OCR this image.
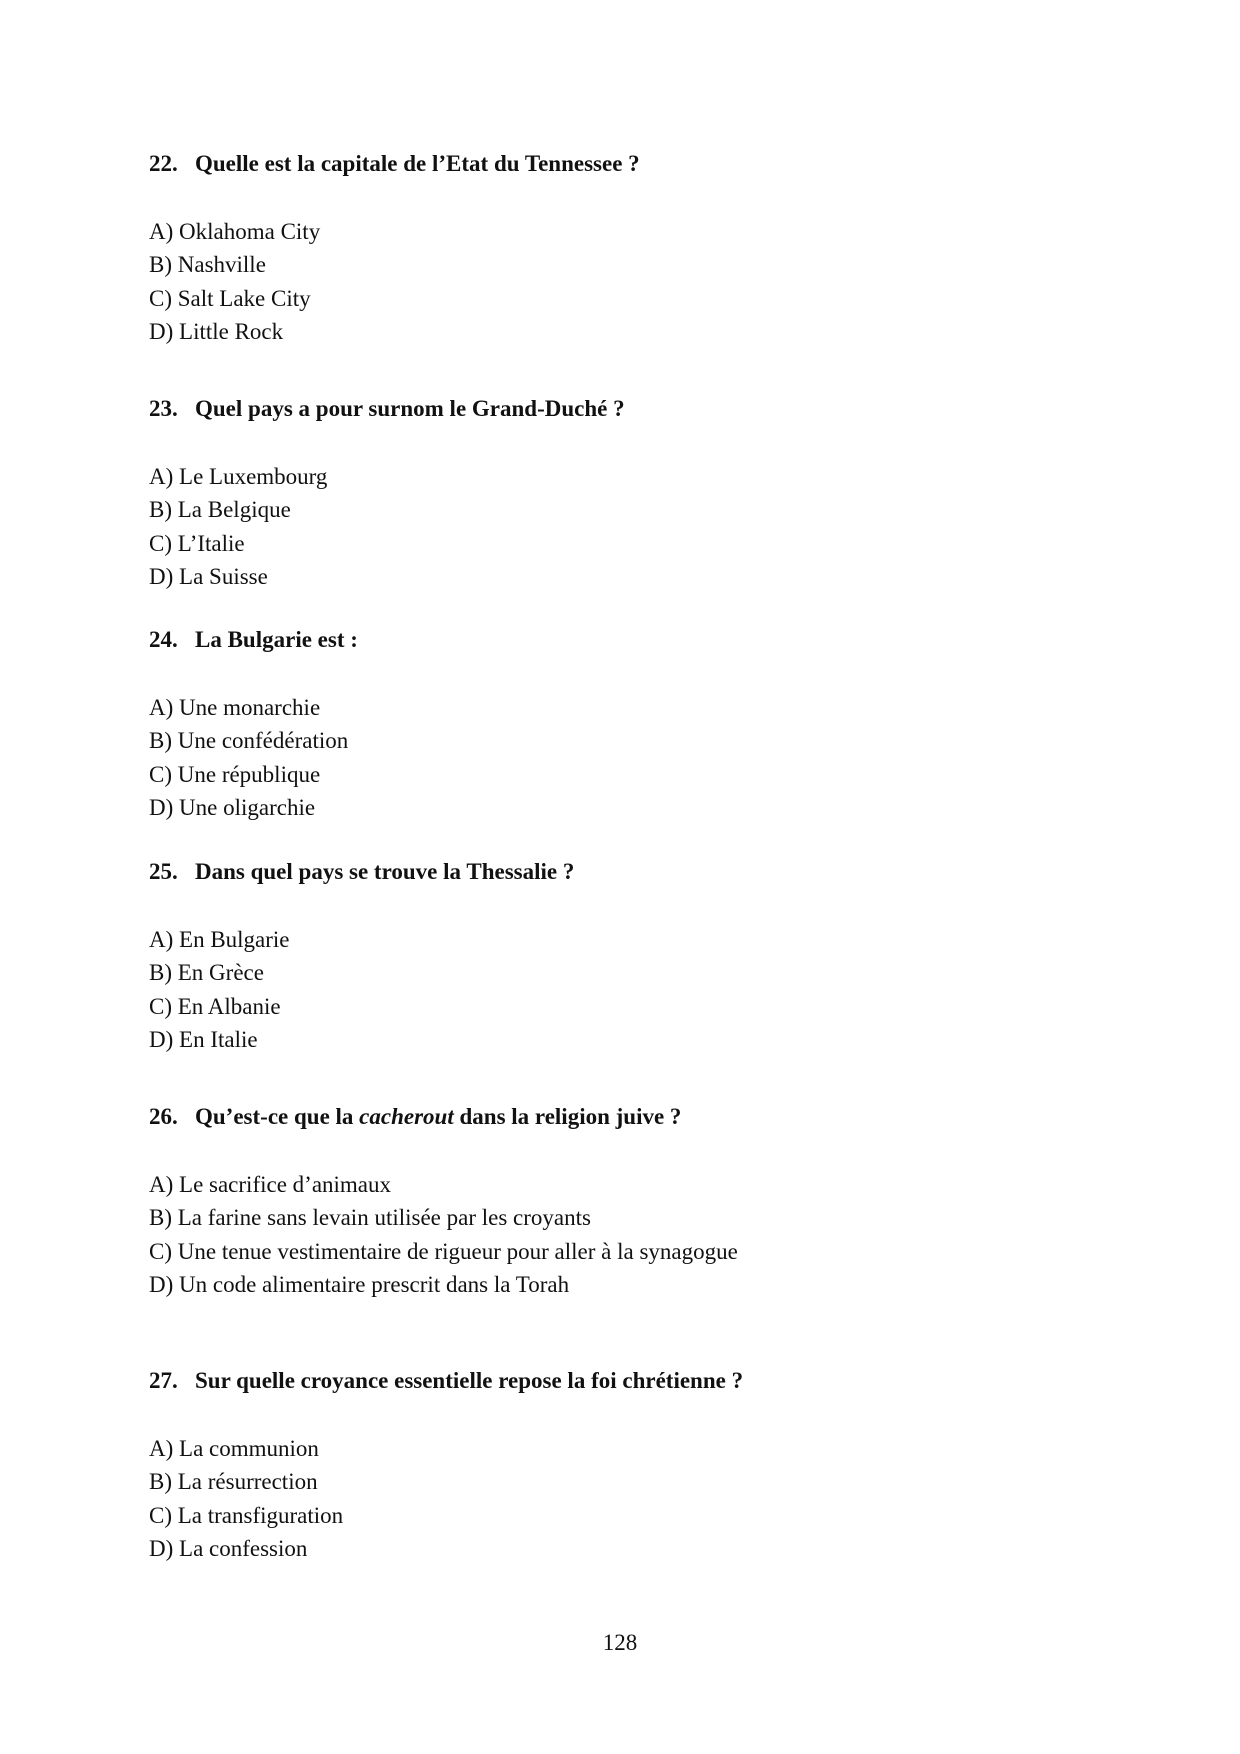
22. Quelle est la capitale de l’Etat du Tennessee ?
A) Oklahoma City
B) Nashville
C) Salt Lake City
D) Little Rock
23. Quel pays a pour surnom le Grand-Duché ?
A) Le Luxembourg
B) La Belgique
C) L’Italie
D) La Suisse
24. La Bulgarie est :
A) Une monarchie
B) Une confédération
C) Une république
D) Une oligarchie
25. Dans quel pays se trouve la Thessalie ?
A) En Bulgarie
B) En Grèce
C) En Albanie
D) En Italie
26. Qu’est-ce que la cacherout dans la religion juive ?
A) Le sacrifice d’animaux
B) La farine sans levain utilisée par les croyants
C) Une tenue vestimentaire de rigueur pour aller à la synagogue
D) Un code alimentaire prescrit dans la Torah
27. Sur quelle croyance essentielle repose la foi chrétienne ?
A) La communion
B) La résurrection
C) La transfiguration
D) La confession
128
